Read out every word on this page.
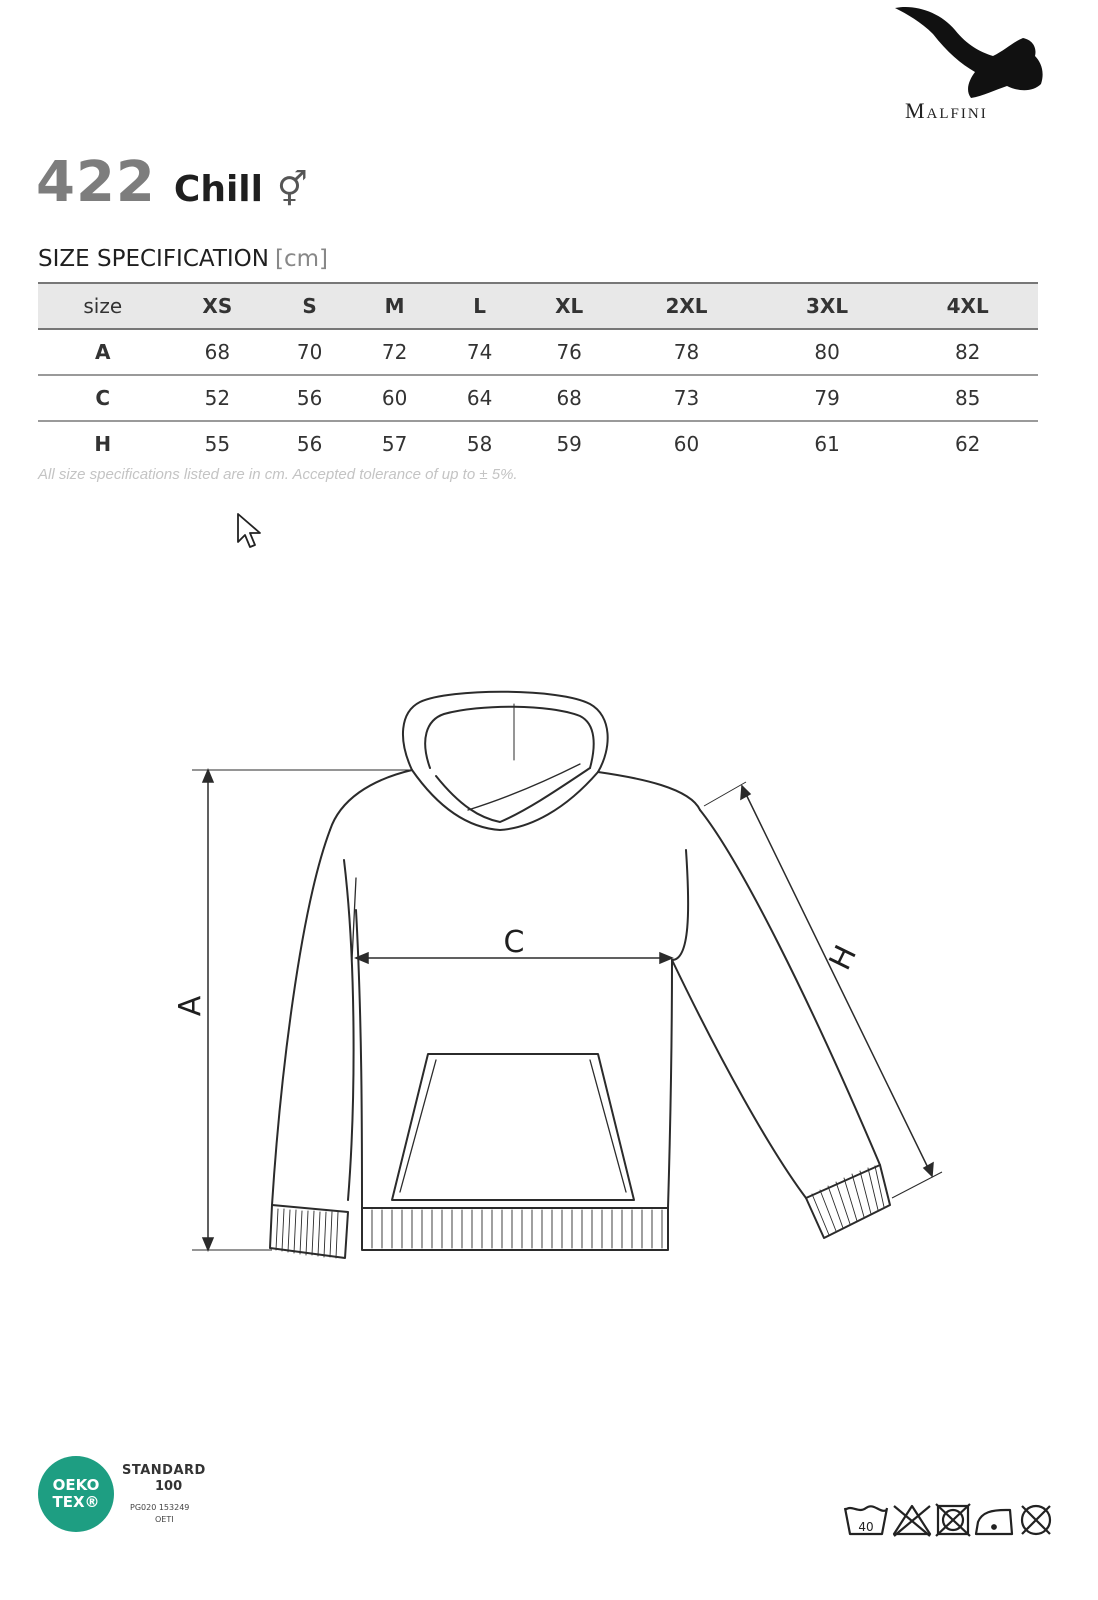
Malfini
422 Chill ⚥
SIZE SPECIFICATION [cm]
size	XS	S	M	L	XL	2XL	3XL	4XL
A	68	70	72	74	76	78	80	82
C	52	56	60	64	68	73	79	85
H	55	56	57	58	59	60	61	62
All size specifications listed are in cm. Accepted tolerance of up to ± 5%.
A
C	H
OEKO
TEX®
STANDARD
100
PG020 153249
OETI
40
